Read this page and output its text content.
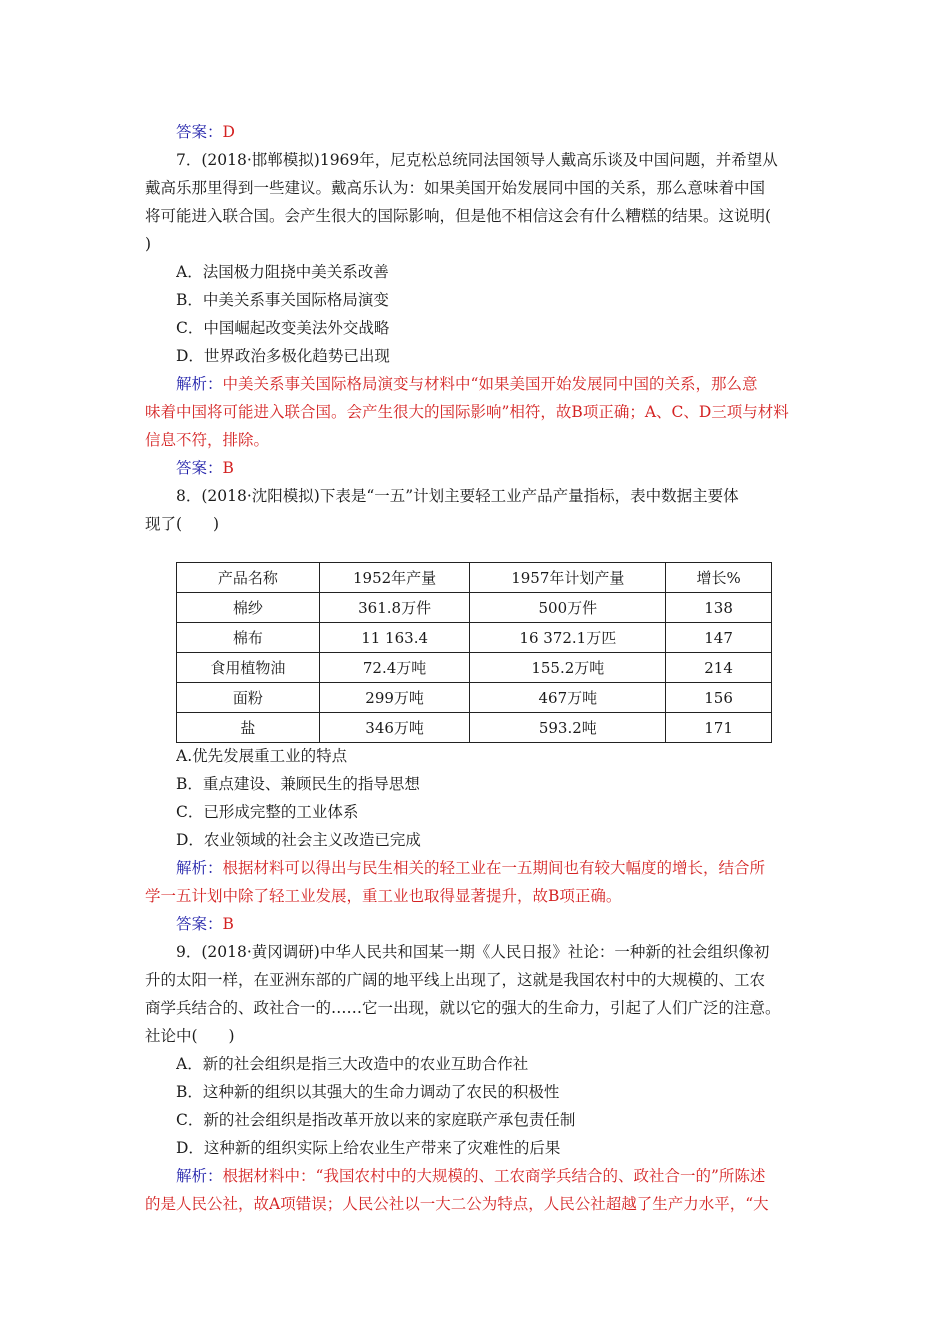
答案：D
7．(2018·邯郸模拟)1969年，尼克松总统同法国领导人戴高乐谈及中国问题，并希望从
戴高乐那里得到一些建议。戴高乐认为：如果美国开始发展同中国的关系，那么意味着中国
将可能进入联合国。会产生很大的国际影响，但是他不相信这会有什么糟糕的结果。这说明(
)
A．法国极力阻挠中美关系改善
B．中美关系事关国际格局演变
C．中国崛起改变美法外交战略
D．世界政治多极化趋势已出现
解析：中美关系事关国际格局演变与材料中“如果美国开始发展同中国的关系，那么意
味着中国将可能进入联合国。会产生很大的国际影响”相符，故B项正确；A、C、D三项与材料
信息不符，排除。
答案：B
8．(2018·沈阳模拟)下表是“一五”计划主要轻工业产品产量指标，表中数据主要体
现了(　　)
产品名称	1952年产量	1957年计划产量	增长%
棉纱	361.8万件	500万件	138
棉布	11 163.4	16 372.1万匹	147
食用植物油	72.4万吨	155.2万吨	214
面粉	299万吨	467万吨	156
盐	346万吨	593.2吨	171
A.优先发展重工业的特点
B．重点建设、兼顾民生的指导思想
C．已形成完整的工业体系
D．农业领域的社会主义改造已完成
解析：根据材料可以得出与民生相关的轻工业在一五期间也有较大幅度的增长，结合所
学一五计划中除了轻工业发展，重工业也取得显著提升，故B项正确。
答案：B
9．(2018·黄冈调研)中华人民共和国某一期《人民日报》社论：一种新的社会组织像初
升的太阳一样，在亚洲东部的广阔的地平线上出现了，这就是我国农村中的大规模的、工农
商学兵结合的、政社合一的……它一出现，就以它的强大的生命力，引起了人们广泛的注意。
社论中(　　)
A．新的社会组织是指三大改造中的农业互助合作社
B．这种新的组织以其强大的生命力调动了农民的积极性
C．新的社会组织是指改革开放以来的家庭联产承包责任制
D．这种新的组织实际上给农业生产带来了灾难性的后果
解析：根据材料中：“我国农村中的大规模的、工农商学兵结合的、政社合一的”所陈述
的是人民公社，故A项错误；人民公社以一大二公为特点，人民公社超越了生产力水平，“大
